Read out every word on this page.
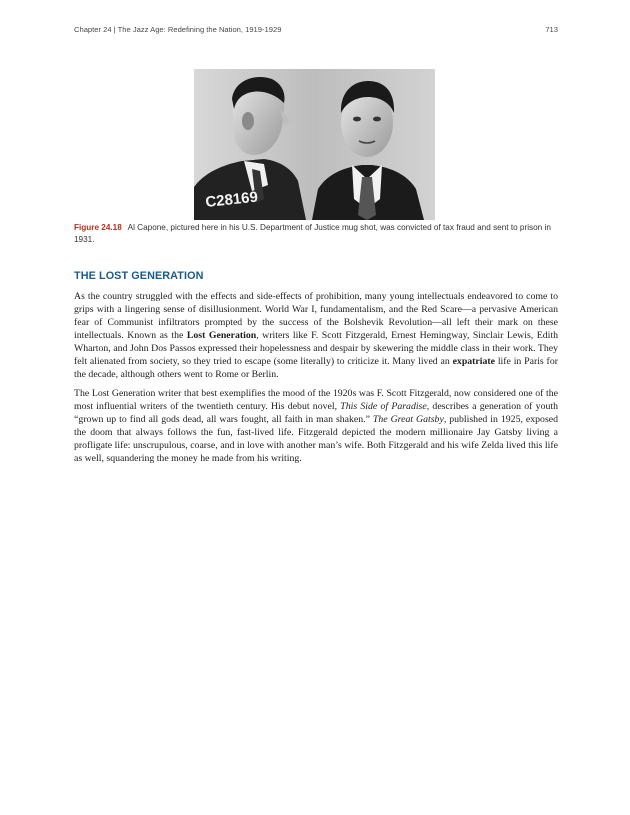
Chapter 24 | The Jazz Age: Redefining the Nation, 1919-1929	713
C28169
Figure 24.18 Al Capone, pictured here in his U.S. Department of Justice mug shot, was convicted of tax fraud and sent to prison in 1931.
THE LOST GENERATION

As the country struggled with the effects and side-effects of prohibition, many young intellectuals endeavored to come to grips with a lingering sense of disillusionment. World War I, fundamentalism, and the Red Scare—a pervasive American fear of Communist infiltrators prompted by the success of the Bolshevik Revolution—all left their mark on these intellectuals. Known as the Lost Generation, writers like F. Scott Fitzgerald, Ernest Hemingway, Sinclair Lewis, Edith Wharton, and John Dos Passos expressed their hopelessness and despair by skewering the middle class in their work. They felt alienated from society, so they tried to escape (some literally) to criticize it. Many lived an expatriate life in Paris for the decade, although others went to Rome or Berlin.

The Lost Generation writer that best exemplifies the mood of the 1920s was F. Scott Fitzgerald, now considered one of the most influential writers of the twentieth century. His debut novel, This Side of Paradise, describes a generation of youth “grown up to find all gods dead, all wars fought, all faith in man shaken.” The Great Gatsby, published in 1925, exposed the doom that always follows the fun, fast-lived life. Fitzgerald depicted the modern millionaire Jay Gatsby living a profligate life: unscrupulous, coarse, and in love with another man’s wife. Both Fitzgerald and his wife Zelda lived this life as well, squandering the money he made from his writing.
